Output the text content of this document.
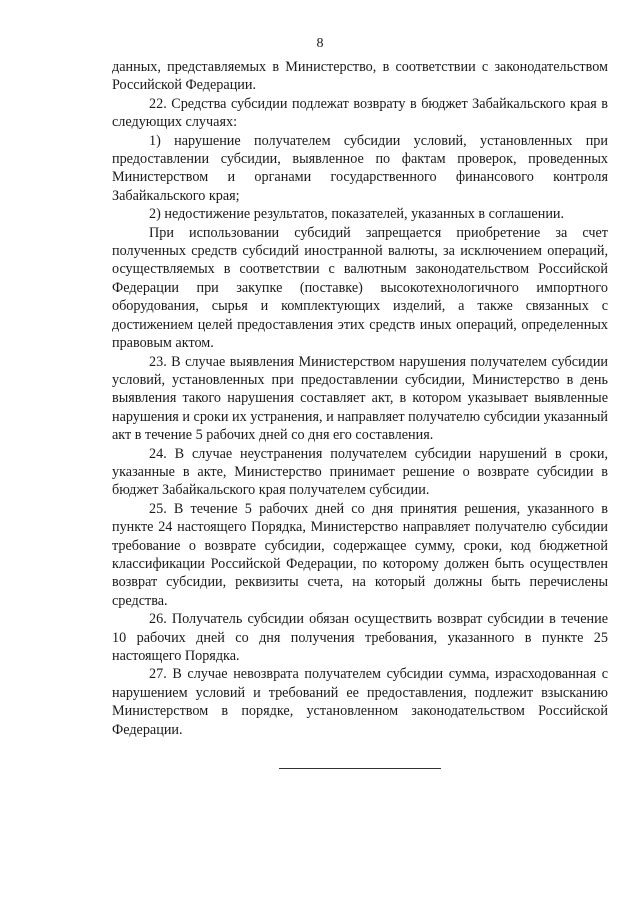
8

данных, представляемых в Министерство, в соответствии с законодательством Российской Федерации.

22. Средства субсидии подлежат возврату в бюджет Забайкальского края в следующих случаях:

1) нарушение получателем субсидии условий, установленных при предоставлении субсидии, выявленное по фактам проверок, проведенных Министерством и органами государственного финансового контроля Забайкальского края;

2) недостижение результатов, показателей, указанных в соглашении.

При использовании субсидий запрещается приобретение за счет полученных средств субсидий иностранной валюты, за исключением операций, осуществляемых в соответствии с валютным законодательством Российской Федерации при закупке (поставке) высокотехнологичного импортного оборудования, сырья и комплектующих изделий, а также связанных с достижением целей предоставления этих средств иных операций, определенных правовым актом.

23. В случае выявления Министерством нарушения получателем субсидии условий, установленных при предоставлении субсидии, Министерство в день выявления такого нарушения составляет акт, в котором указывает выявленные нарушения и сроки их устранения, и направляет получателю субсидии указанный акт в течение 5 рабочих дней со дня его составления.

24. В случае неустранения получателем субсидии нарушений в сроки, указанные в акте, Министерство принимает решение о возврате субсидии в бюджет Забайкальского края получателем субсидии.

25. В течение 5 рабочих дней со дня принятия решения, указанного в пункте 24 настоящего Порядка, Министерство направляет получателю субсидии требование о возврате субсидии, содержащее сумму, сроки, код бюджетной классификации Российской Федерации, по которому должен быть осуществлен возврат субсидии, реквизиты счета, на который должны быть перечислены средства.

26. Получатель субсидии обязан осуществить возврат субсидии в течение 10 рабочих дней со дня получения требования, указанного в пункте 25 настоящего Порядка.

27. В случае невозврата получателем субсидии сумма, израсходованная с нарушением условий и требований ее предоставления, подлежит взысканию Министерством в порядке, установленном законодательством Российской Федерации.
